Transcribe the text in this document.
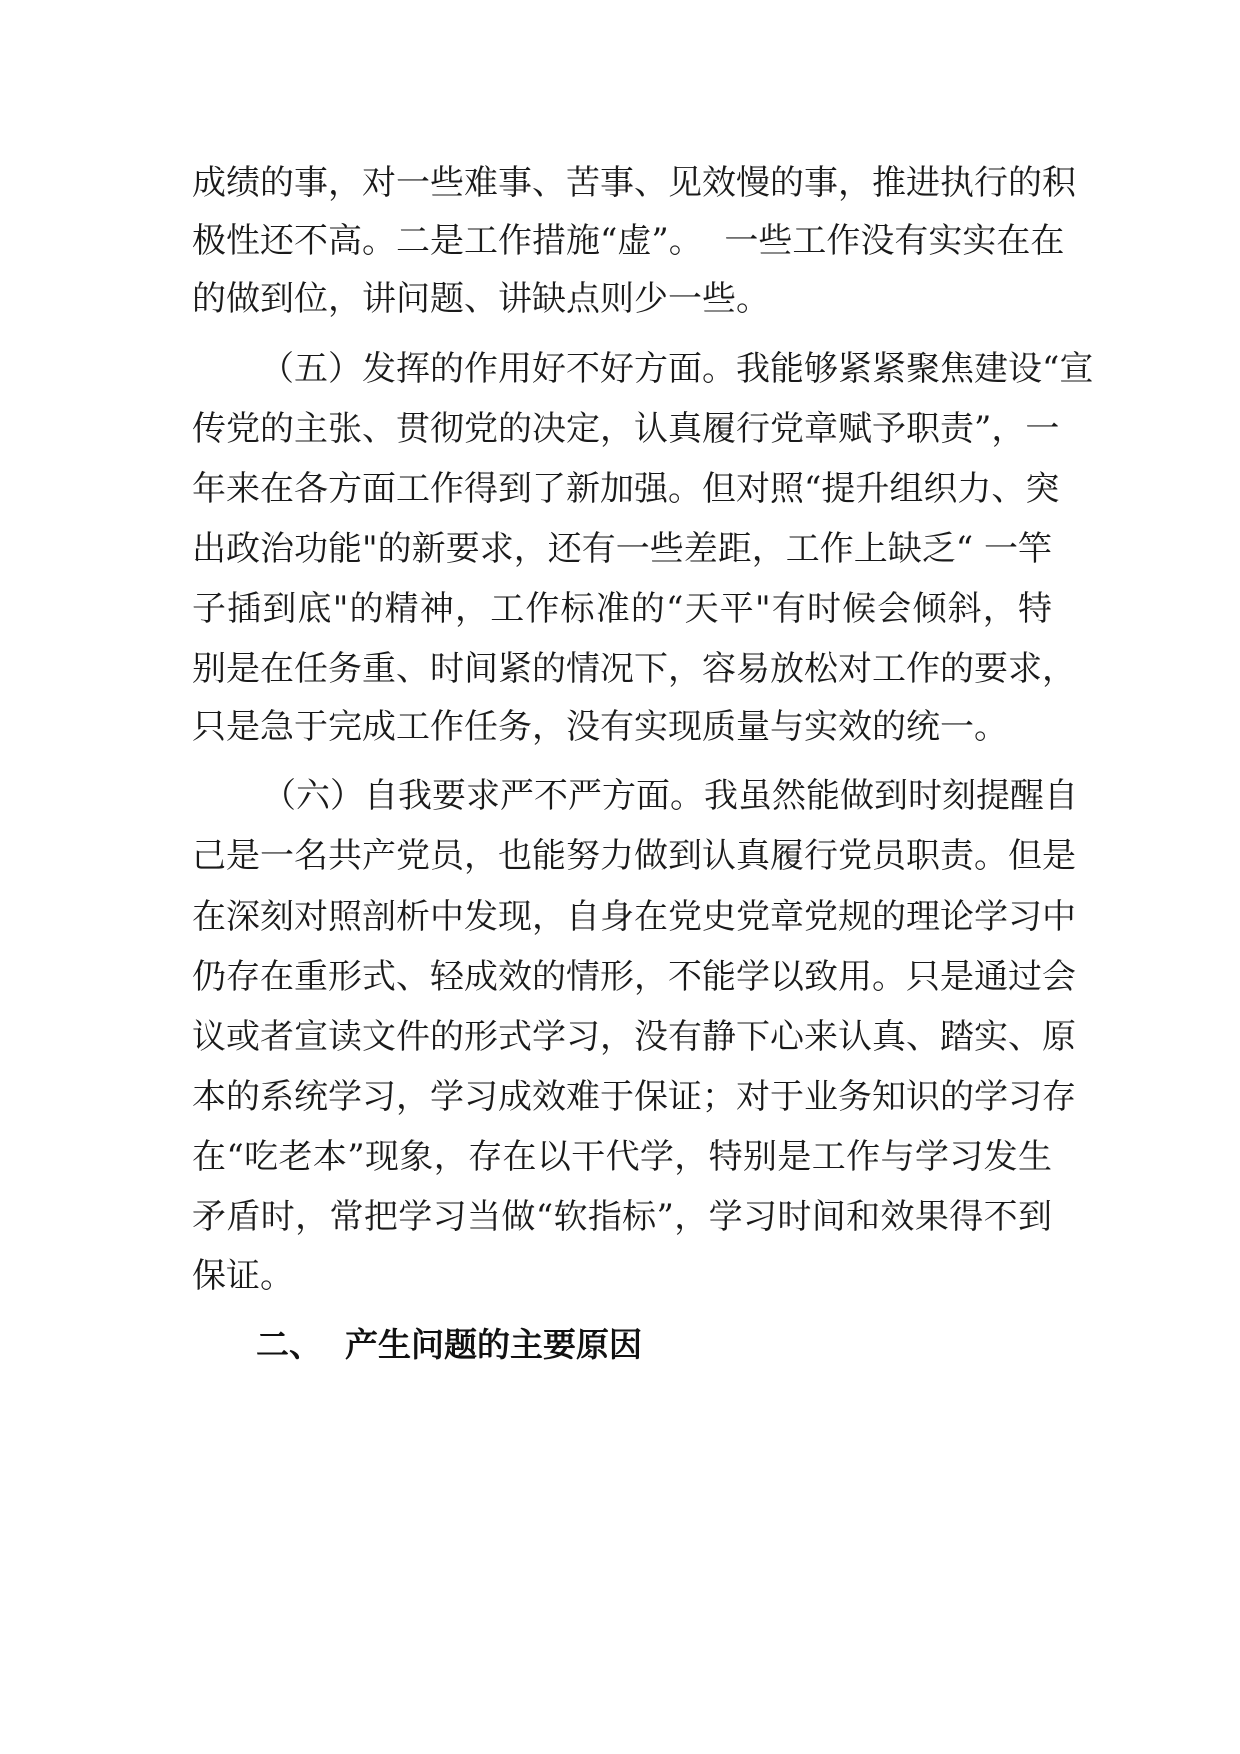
成绩的事，对一些难事、苦事、见效慢的事，推进执行的积
极性还不高。二是工作措施“虚”。  一些工作没有实实在在
的做到位，讲问题、讲缺点则少一些。
（五）发挥的作用好不好方面。我能够紧紧聚焦建设“宣
传党的主张、贯彻党的决定，认真履行党章赋予职责”，一
年来在各方面工作得到了新加强。但对照“提升组织力、突
出政治功能"的新要求，还有一些差距，工作上缺乏“ 一竿
子插到底"的精神，工作标准的“天平"有时候会倾斜，特
别是在任务重、时间紧的情况下，容易放松对工作的要求，
只是急于完成工作任务，没有实现质量与实效的统一。
（六）自我要求严不严方面。我虽然能做到时刻提醒自
己是一名共产党员，也能努力做到认真履行党员职责。但是
在深刻对照剖析中发现，自身在党史党章党规的理论学习中
仍存在重形式、轻成效的情形，不能学以致用。只是通过会
议或者宣读文件的形式学习，没有静下心来认真、踏实、原
本的系统学习，学习成效难于保证；对于业务知识的学习存
在“吃老本”现象，存在以干代学，特别是工作与学习发生
矛盾时，常把学习当做“软指标”，学习时间和效果得不到
保证。
二、  产生问题的主要原因
